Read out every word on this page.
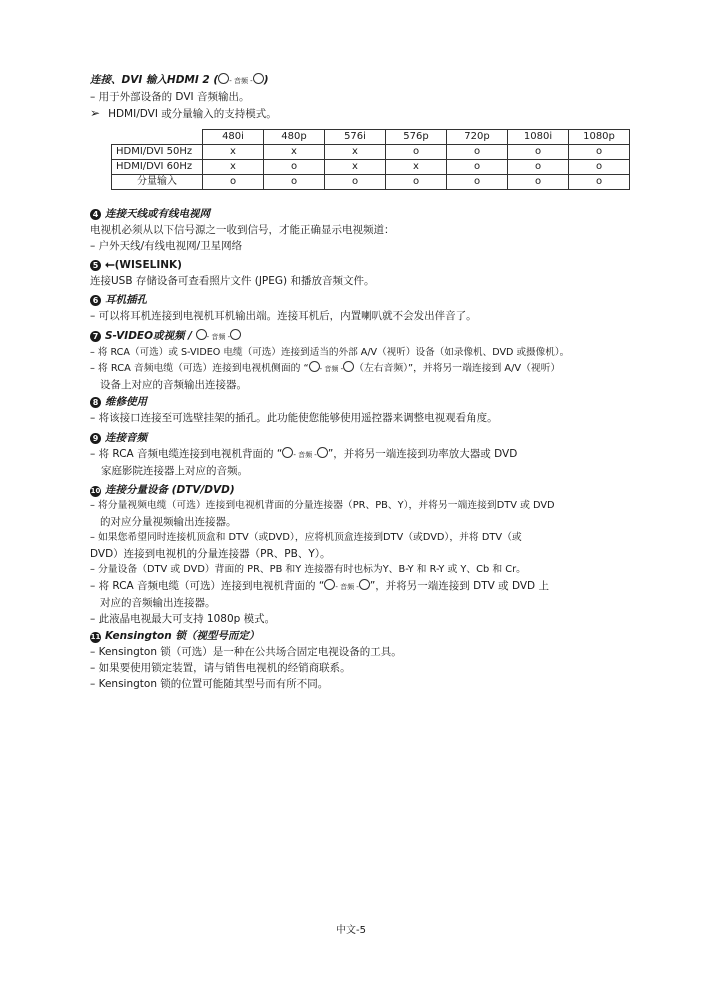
连接、DVI 输入HDMI 2 (- 音频 -)
– 用于外部设备的 DVI 音频输出。
➢ HDMI/DVI 或分量输入的支持模式。
	480i	480p	576i	576p	720p	1080i	1080p
HDMI/DVI 50Hz	x	x	x	o	o	o	o
HDMI/DVI 60Hz	x	o	x	x	o	o	o
分量输入	o	o	o	o	o	o	o
4 连接天线或有线电视网
电视机必须从以下信号源之一收到信号，才能正确显示电视频道：
– 户外天线/有线电视网/卫星网络
5 ⭠(WISELINK)
连接USB 存储设备可查看照片文件 (JPEG) 和播放音频文件。
6 耳机插孔
– 可以将耳机连接到电视机耳机输出端。连接耳机后，内置喇叭就不会发出伴音了。
7 S-VIDEO或视频 / - 音频 -
– 将 RCA（可选）或 S-VIDEO 电缆（可选）连接到适当的外部 A/V（视听）设备（如录像机、DVD 或摄像机）。
– 将 RCA 音频电缆（可选）连接到电视机侧面的 “- 音频 -（左右音频）”，并将另一端连接到 A/V（视听）
设备上对应的音频输出连接器。
8 维修使用
– 将该接口连接至可选壁挂架的插孔。此功能使您能够使用遥控器来调整电视观看角度。
9 连接音频
– 将 RCA 音频电缆连接到电视机背面的 “- 音频 -”，并将另一端连接到功率放大器或 DVD
家庭影院连接器上对应的音频。
10 连接分量设备 (DTV/DVD)
– 将分量视频电缆（可选）连接到电视机背面的分量连接器（PR、PB、Y），并将另一端连接到DTV 或 DVD
的对应分量视频输出连接器。
– 如果您希望同时连接机顶盒和 DTV（或DVD），应将机顶盒连接到DTV（或DVD），并将 DTV（或
DVD）连接到电视机的分量连接器（PR、PB、Y）。
– 分量设备（DTV 或 DVD）背面的 PR、PB 和Y 连接器有时也标为Y、B-Y 和 R-Y 或 Y、Cb 和 Cr。
– 将 RCA 音频电缆（可选）连接到电视机背面的 “- 音频 -”，并将另一端连接到 DTV 或 DVD 上
对应的音频输出连接器。
– 此液晶电视最大可支持 1080p 模式。
11 Kensington 锁（视型号而定）
– Kensington 锁（可选）是一种在公共场合固定电视设备的工具。
– 如果要使用锁定装置，请与销售电视机的经销商联系。
– Kensington 锁的位置可能随其型号而有所不同。
中文-5
